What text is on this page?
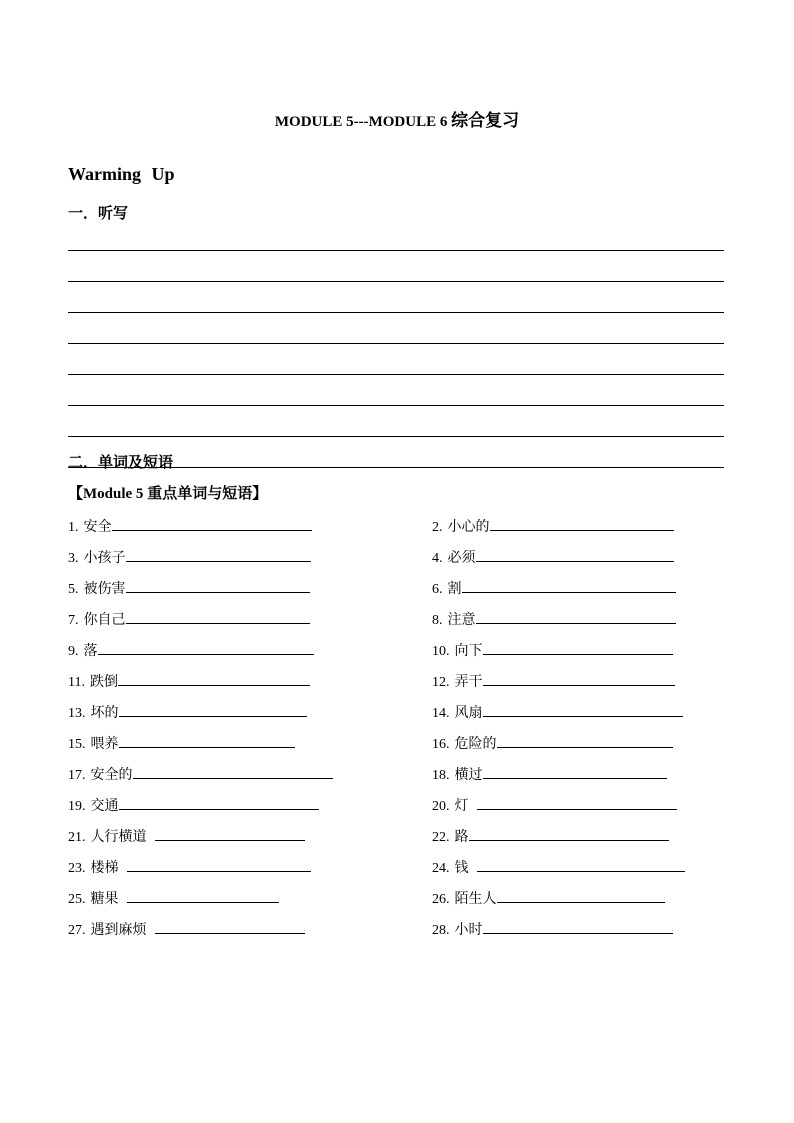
MODULE 5---MODULE 6 综合复习
Warming Up
一．听写
二．单词及短语
【Module 5 重点单词与短语】
1. 安全	2. 小心的
3. 小孩子	4. 必须
5. 被伤害	6. 割
7. 你自己	8. 注意
9. 落	10. 向下
11. 跌倒	12. 弄干
13. 坏的	14. 风扇
15. 喂养	16. 危险的
17. 安全的	18. 横过
19. 交通	20. 灯
21. 人行横道	22. 路
23. 楼梯	24. 钱
25. 糖果	26. 陌生人
27. 遇到麻烦	28. 小时
